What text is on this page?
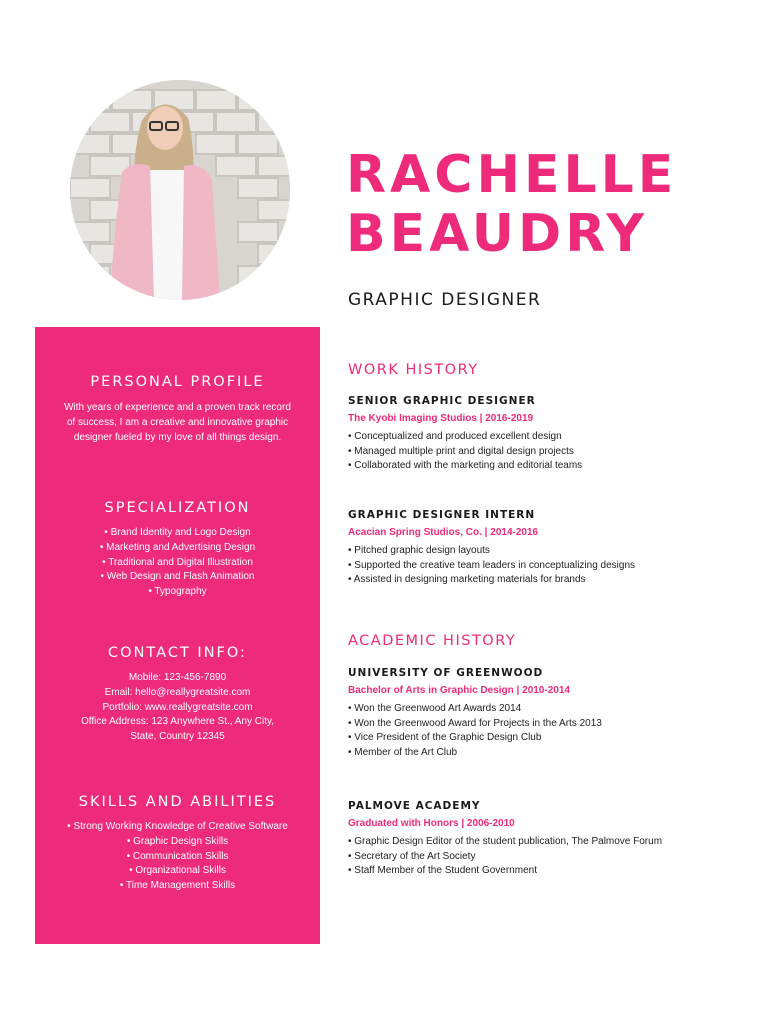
RACHELLE
BEAUDRY
GRAPHIC DESIGNER
PERSONAL PROFILE
With years of experience and a proven track record of success, I am a creative and innovative graphic designer fueled by my love of all things design.
SPECIALIZATION
• Brand Identity and Logo Design
• Marketing and Advertising Design
• Traditional and Digital Illustration
• Web Design and Flash Animation
• Typography
CONTACT INFO:
Mobile: 123-456-7890
Email: hello@reallygreatsite.com
Portfolio: www.reallygreatsite.com
Office Address: 123 Anywhere St., Any City,
State, Country 12345
SKILLS AND ABILITIES
• Strong Working Knowledge of Creative Software
• Graphic Design Skills
• Communication Skills
• Organizational Skills
• Time Management Skills
WORK HISTORY
SENIOR GRAPHIC DESIGNER
The Kyobi Imaging Studios | 2016-2019
• Conceptualized and produced excellent design
• Managed multiple print and digital design projects
• Collaborated with the marketing and editorial teams
GRAPHIC DESIGNER INTERN
Acacian Spring Studios, Co. | 2014-2016
• Pitched graphic design layouts
• Supported the creative team leaders in conceptualizing designs
• Assisted in designing marketing materials for brands
ACADEMIC HISTORY
UNIVERSITY OF GREENWOOD
Bachelor of Arts in Graphic Design | 2010-2014
• Won the Greenwood Art Awards 2014
• Won the Greenwood Award for Projects in the Arts 2013
• Vice President of the Graphic Design Club
• Member of the Art Club
PALMOVE ACADEMY
Graduated with Honors | 2006-2010
• Graphic Design Editor of the student publication, The Palmove Forum
• Secretary of the Art Society
• Staff Member of the Student Government
